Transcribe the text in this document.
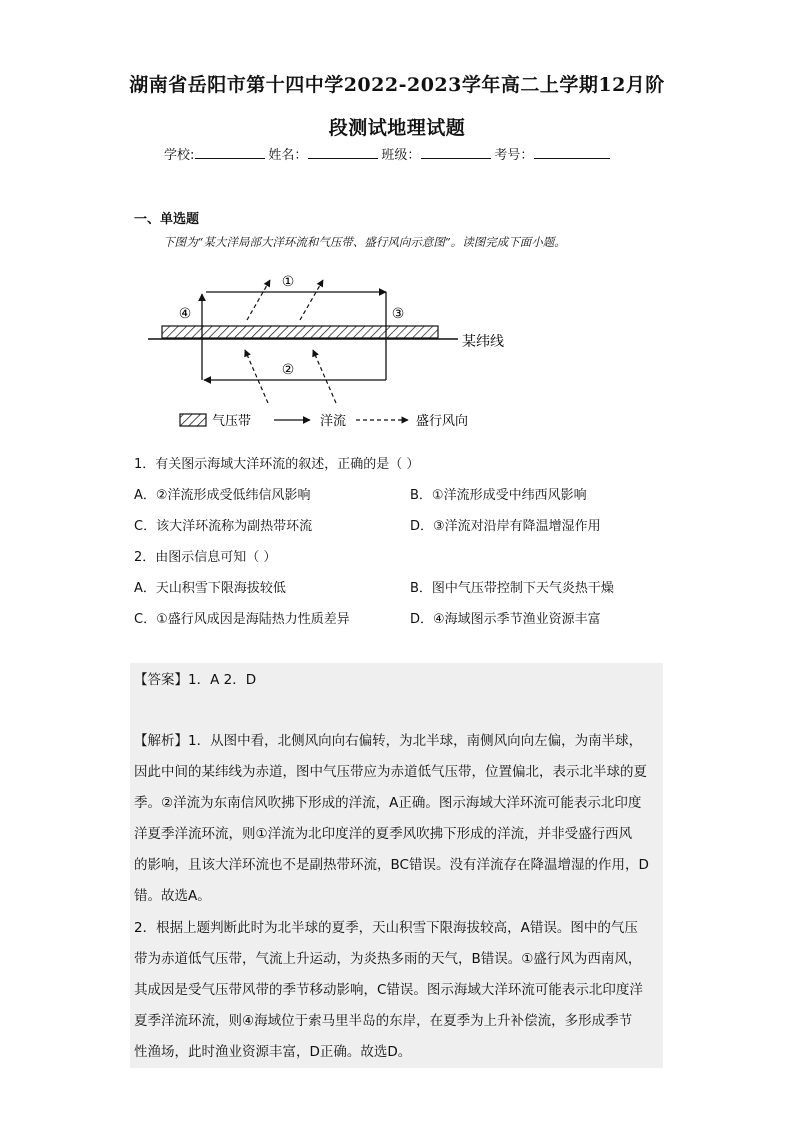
湖南省岳阳市第十四中学2022-2023学年高二上学期12月阶
段测试地理试题
学校:	姓名：	班级：	考号：
一、单选题
下图为“某大洋局部大洋环流和气压带、盛行风向示意图”。读图完成下面小题。
①
②
③
④
某纬线
气压带	洋流	盛行风向
1．有关图示海域大洋环流的叙述，正确的是（ ）
A．②洋流形成受低纬信风影响	B．①洋流形成受中纬西风影响
C．该大洋环流称为副热带环流	D．③洋流对沿岸有降温增湿作用
2．由图示信息可知（ ）
A．天山积雪下限海拔较低	B．图中气压带控制下天气炎热干燥
C．①盛行风成因是海陆热力性质差异	D．④海域图示季节渔业资源丰富
【答案】1．A 2．D
【解析】1．从图中看，北侧风向向右偏转，为北半球，南侧风向向左偏，为南半球，
因此中间的某纬线为赤道，图中气压带应为赤道低气压带，位置偏北，表示北半球的夏
季。②洋流为东南信风吹拂下形成的洋流，A正确。图示海域大洋环流可能表示北印度
洋夏季洋流环流，则①洋流为北印度洋的夏季风吹拂下形成的洋流，并非受盛行西风
的影响，且该大洋环流也不是副热带环流，BC错误。没有洋流存在降温增湿的作用，D
错。故选A。
2．根据上题判断此时为北半球的夏季，天山积雪下限海拔较高，A错误。图中的气压
带为赤道低气压带，气流上升运动，为炎热多雨的天气，B错误。①盛行风为西南风，
其成因是受气压带风带的季节移动影响，C错误。图示海域大洋环流可能表示北印度洋
夏季洋流环流，则④海域位于索马里半岛的东岸，在夏季为上升补偿流，多形成季节
性渔场，此时渔业资源丰富，D正确。故选D。
